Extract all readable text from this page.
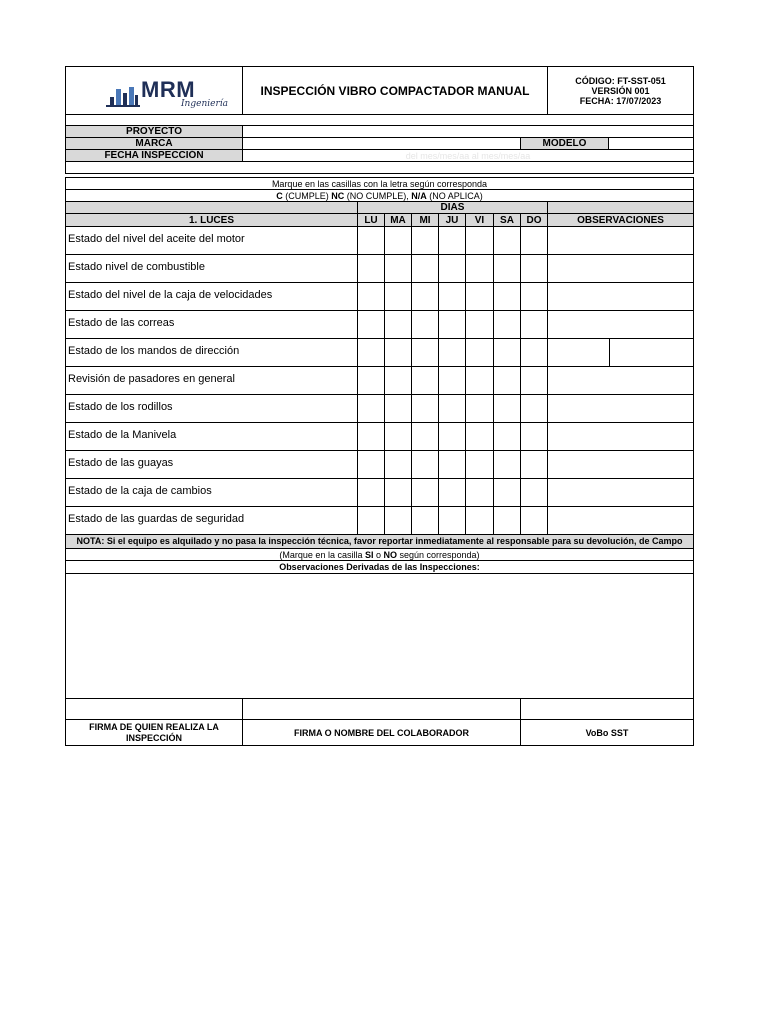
MRM
Ingeniería
INSPECCIÓN VIBRO COMPACTADOR MANUAL
CÓDIGO: FT-SST-051
VERSIÓN 001
FECHA: 17/07/2023
PROYECTO
MARCA	MODELO
FECHA INSPECCIÓN	del mes/mes/aa al mes/mes/aa
Marque en las casillas con la letra según corresponda
C (CUMPLE) NC (NO CUMPLE), N/A (NO APLICA)
DIAS
1. LUCES	LU	MA	MI	JU	VI	SA	DO	OBSERVACIONES
Estado del nivel del aceite del motor
Estado nivel de combustible
Estado del nivel de la caja de velocidades
Estado de las correas
Estado de los mandos de dirección
Revisión de pasadores en general
Estado de los rodillos
Estado de la Manivela
Estado de las guayas
Estado de la caja de cambios
Estado de las guardas de seguridad
NOTA: Si el equipo es alquilado y no pasa la inspección técnica, favor reportar inmediatamente al responsable para su devolución, de Campo
(Marque en la casilla SI o NO según corresponda)
Observaciones Derivadas de las Inspecciones:
FIRMA DE QUIEN REALIZA LA INSPECCIÓN	FIRMA O NOMBRE DEL COLABORADOR	VoBo SST
